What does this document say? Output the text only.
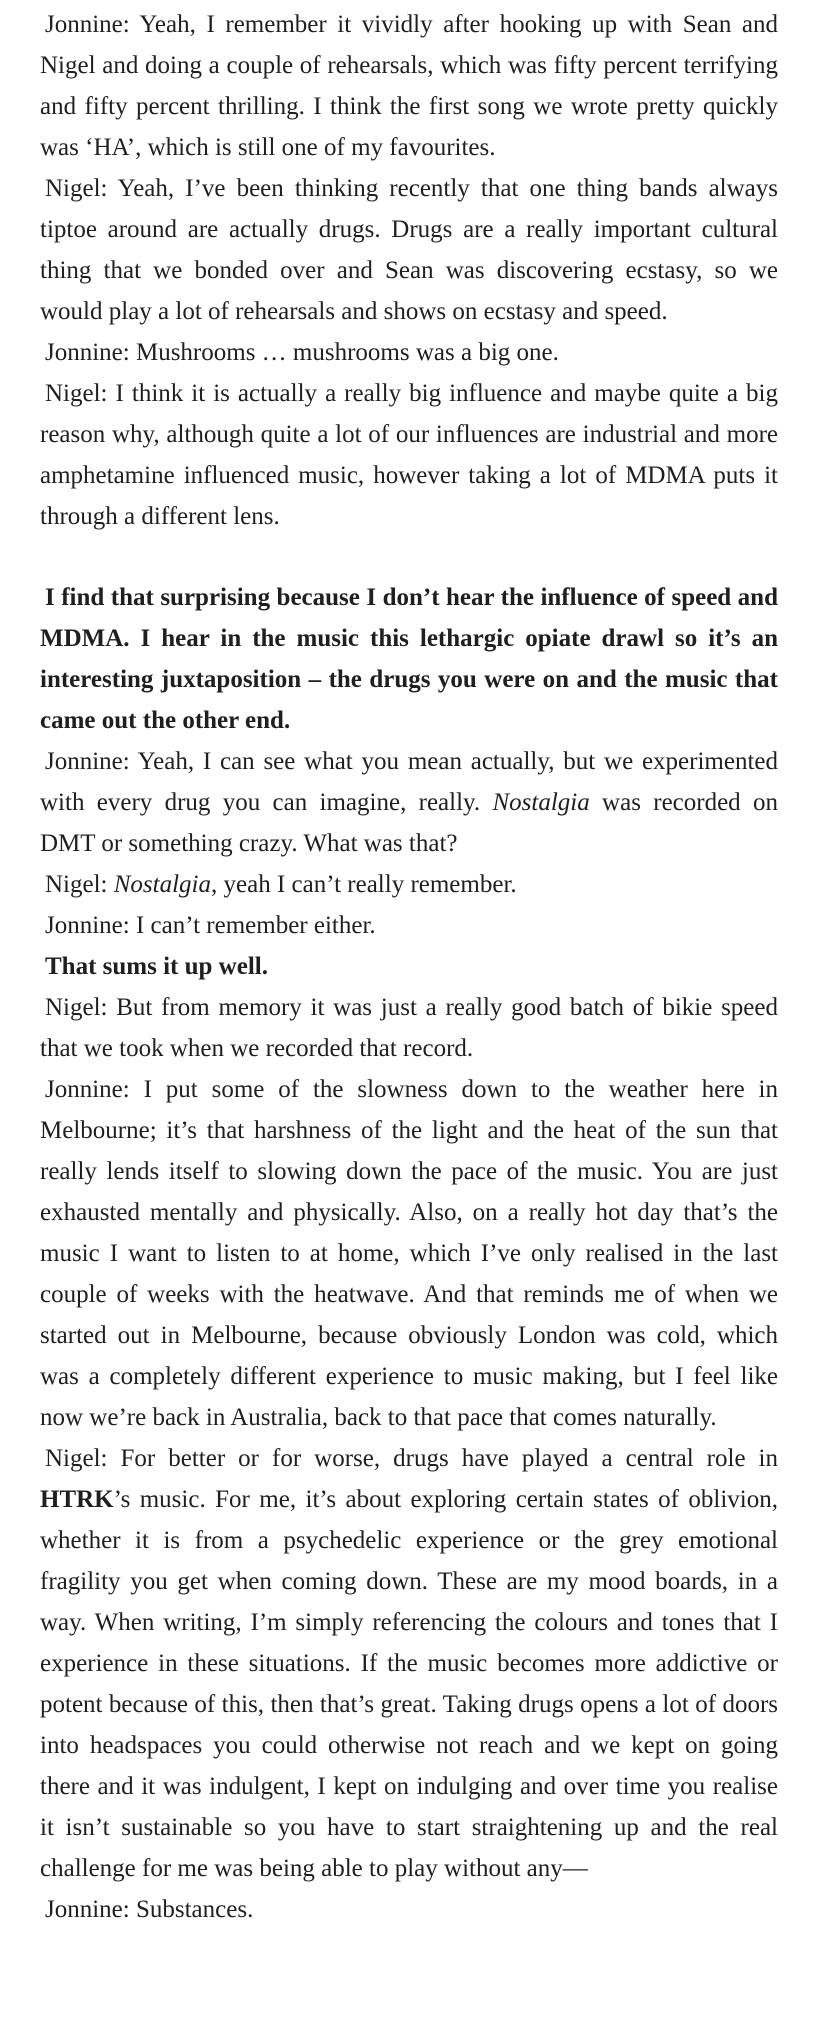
Jonnine: Yeah, I remember it vividly after hooking up with Sean and Nigel and doing a couple of rehearsals, which was fifty percent terrifying and fifty percent thrilling. I think the first song we wrote pretty quickly was ‘HA’, which is still one of my favourites.

Nigel: Yeah, I’ve been thinking recently that one thing bands always tiptoe around are actually drugs. Drugs are a really important cultural thing that we bonded over and Sean was discovering ecstasy, so we would play a lot of rehearsals and shows on ecstasy and speed.

Jonnine: Mushrooms … mushrooms was a big one.

Nigel: I think it is actually a really big influence and maybe quite a big reason why, although quite a lot of our influences are industrial and more amphetamine influenced music, however taking a lot of MDMA puts it through a different lens.

I find that surprising because I don’t hear the influence of speed and MDMA. I hear in the music this lethargic opiate drawl so it’s an interesting juxtaposition – the drugs you were on and the music that came out the other end.

Jonnine: Yeah, I can see what you mean actually, but we experimented with every drug you can imagine, really. Nostalgia was recorded on DMT or something crazy. What was that?

Nigel: Nostalgia, yeah I can’t really remember.

Jonnine: I can’t remember either.

That sums it up well.

Nigel: But from memory it was just a really good batch of bikie speed that we took when we recorded that record.

Jonnine: I put some of the slowness down to the weather here in Melbourne; it’s that harshness of the light and the heat of the sun that really lends itself to slowing down the pace of the music. You are just exhausted mentally and physically. Also, on a really hot day that’s the music I want to listen to at home, which I’ve only realised in the last couple of weeks with the heatwave. And that reminds me of when we started out in Melbourne, because obviously London was cold, which was a completely different experience to music making, but I feel like now we’re back in Australia, back to that pace that comes naturally.

Nigel: For better or for worse, drugs have played a central role in HTRK’s music. For me, it’s about exploring certain states of oblivion, whether it is from a psychedelic experience or the grey emotional fragility you get when coming down. These are my mood boards, in a way. When writing, I’m simply referencing the colours and tones that I experience in these situations. If the music becomes more addictive or potent because of this, then that’s great. Taking drugs opens a lot of doors into headspaces you could otherwise not reach and we kept on going there and it was indulgent, I kept on indulging and over time you realise it isn’t sustainable so you have to start straightening up and the real challenge for me was being able to play without any—

Jonnine: Substances.
